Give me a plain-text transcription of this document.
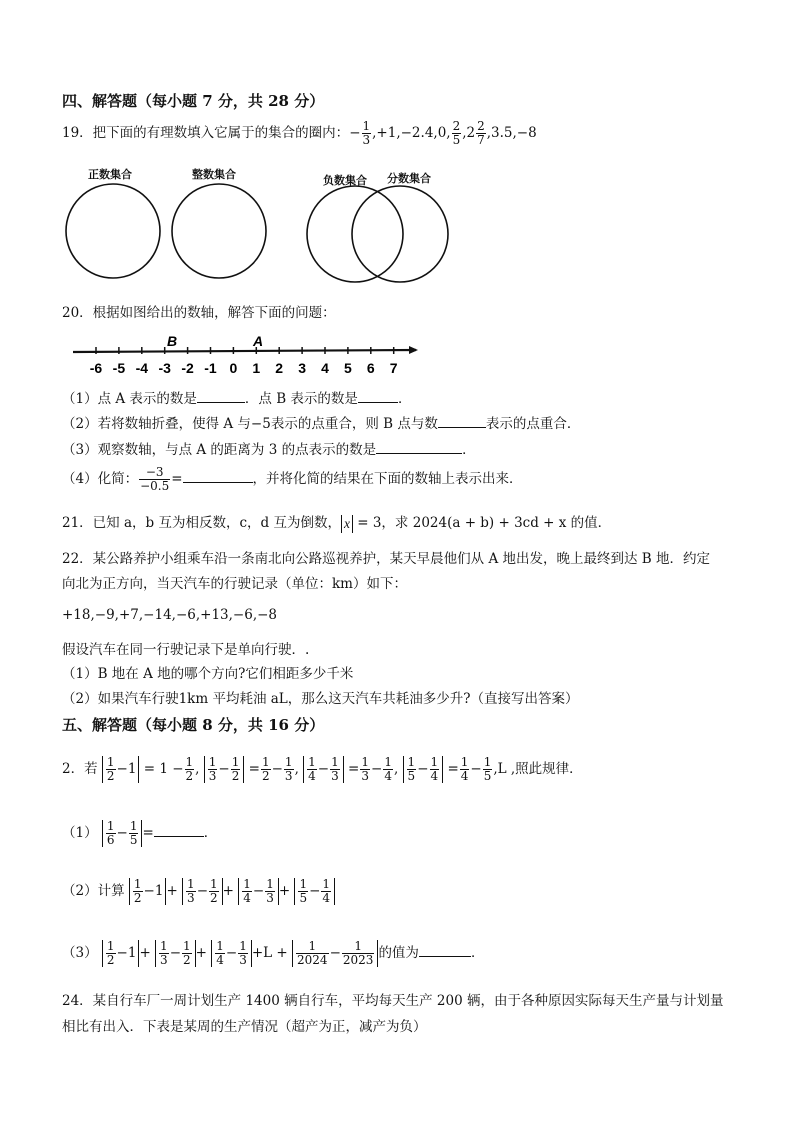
四、解答题（每小题 7 分，共 28 分）
19．把下面的有理数填入它属于的集合的圈内：− $\frac{1}{3} ,+1,-2.4,0$, $\frac{2}{5} ,2 \frac{2}{7} ,3.5,-8$
正数集合	整数集合	负数集合 分数集合
20．根据如图给出的数轴，解答下面的问题：
-6 -5 -4 -3 -2 -1 0 1 2 3 4 5 6 7
B	A
（1）点 A 表示的数是	．点 B 表示的数是	．
（2）若将数轴折叠，使得 A 与−5表示的点重合，则 B 点与数	表示的点重合．
（3）观察数轴，与点 A 的距离为 3 的点表示的数是	．
（4）化简： $\frac{-3}{-0.5}$ =	，并将化简的结果在下面的数轴上表示出来．
21．已知 a，b 互为相反数，c，d 互为倒数， x = 3，求 2024(a + b) + 3cd + x 的值．
22．某公路养护小组乘车沿一条南北向公路巡视养护，某天早晨他们从 A 地出发，晚上最终到达 B 地．约定
向北为正方向，当天汽车的行驶记录（单位：km）如下：
+18,−9,+7,−14,−6,+13,−6,−8
假设汽车在同一行驶记录下是单向行驶．.
（1）B 地在 A 地的哪个方向?它们相距多少千米
（2）如果汽车行驶1km 平均耗油 aL，那么这天汽车共耗油多少升?（直接写出答案）
五、解答题（每小题 8 分，共 16 分）
2．若 $\frac{1}{2} -1 = 1 - \frac{1}{2}$ , $\frac{1}{3} - \frac{1}{2} = \frac{1}{2} - \frac{1}{3}$ , $\frac{1}{4} - \frac{1}{3} = \frac{1}{3} - \frac{1}{4}$ , $\frac{1}{5} - \frac{1}{4} = \frac{1}{4} - \frac{1}{5} ,L$ ,照此规律．
$(1) \frac{1}{6} - \frac{1}{5}$ =	．
（2）计算 $\frac{1}{2} -1 + \frac{1}{3} - \frac{1}{2} + \frac{1}{4} - \frac{1}{3} + \frac{1}{5} - \frac{1}{4}$
$(3) \frac{1}{2} -1 + \frac{1}{3} - \frac{1}{2} + \frac{1}{4} - \frac{1}{3} +L + \frac{1}{2024} - \frac{1}{2023}$ 的值为	．
24．某自行车厂一周计划生产 1400 辆自行车，平均每天生产 200 辆，由于各种原因实际每天生产量与计划量
相比有出入．下表是某周的生产情况（超产为正，减产为负）
